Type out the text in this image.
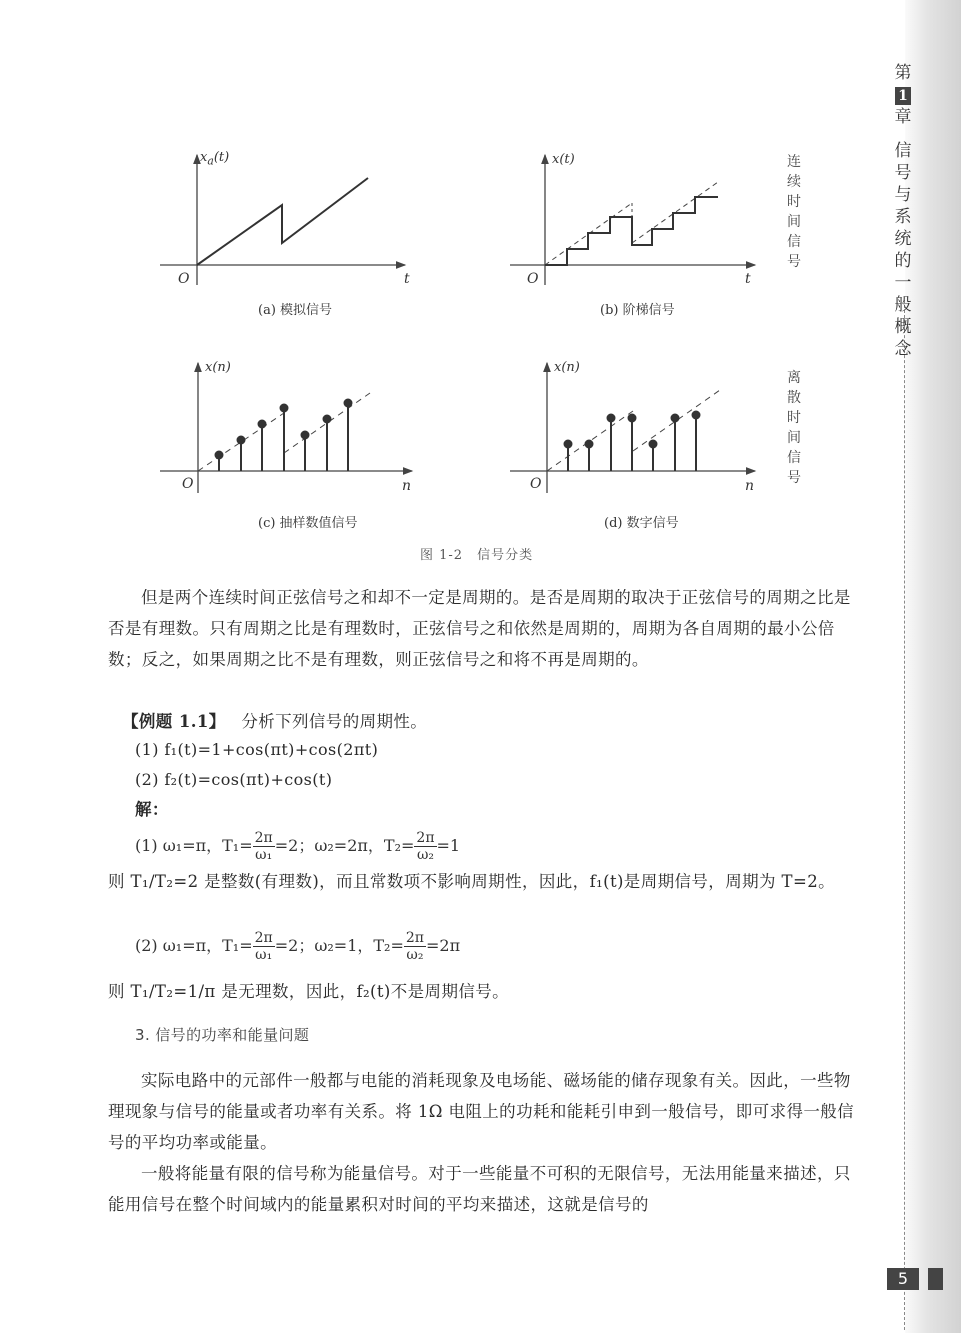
第
1
章
信
号
与
系
统
的
一
般
概
念
O	t
$x_a(t)$
(a) 模拟信号
O	t
x(t)
(b) 阶梯信号
连
续
时
间
信
号
O	n
x(n)
(c) 抽样数值信号
O	n
x(n)
(d) 数字信号
离
散
时
间
信
号
图 1-2　信号分类
但是两个连续时间正弦信号之和却不一定是周期的。是否是周期的取决于正弦信号的周期之比是否是有理数。只有周期之比是有理数时，正弦信号之和依然是周期的，周期为各自周期的最小公倍数；反之，如果周期之比不是有理数，则正弦信号之和将不再是周期的。
【例题 1.1】 分析下列信号的周期性。
(1) f₁(t)=1+cos(πt)+cos(2πt)
(2) f₂(t)=cos(πt)+cos(t)
解：
(1) ω₁=π，$T_1= \frac{2\pi}{\text{ω₁}} =2$；ω₂=2π，$T_2= \frac{2\pi}{\text{ω₂}} =1$
则 T₁/T₂=2 是整数(有理数)，而且常数项不影响周期性，因此，f₁(t)是周期信号，周期为 T=2。
(2) ω₁=π，$T_1= \frac{2\pi}{\text{ω₁}} =2$；ω₂=1，$T_2= \frac{2\pi}{\text{ω₂}} =2\pi$
则 T₁/T₂=1/π 是无理数，因此，f₂(t)不是周期信号。
3. 信号的功率和能量问题
实际电路中的元部件一般都与电能的消耗现象及电场能、磁场能的储存现象有关。因此，一些物理现象与信号的能量或者功率有关系。将 1Ω 电阻上的功耗和能耗引申到一般信号，即可求得一般信号的平均功率或能量。
一般将能量有限的信号称为能量信号。对于一些能量不可积的无限信号，无法用能量来描述，只能用信号在整个时间域内的能量累积对时间的平均来描述，这就是信号的
5
